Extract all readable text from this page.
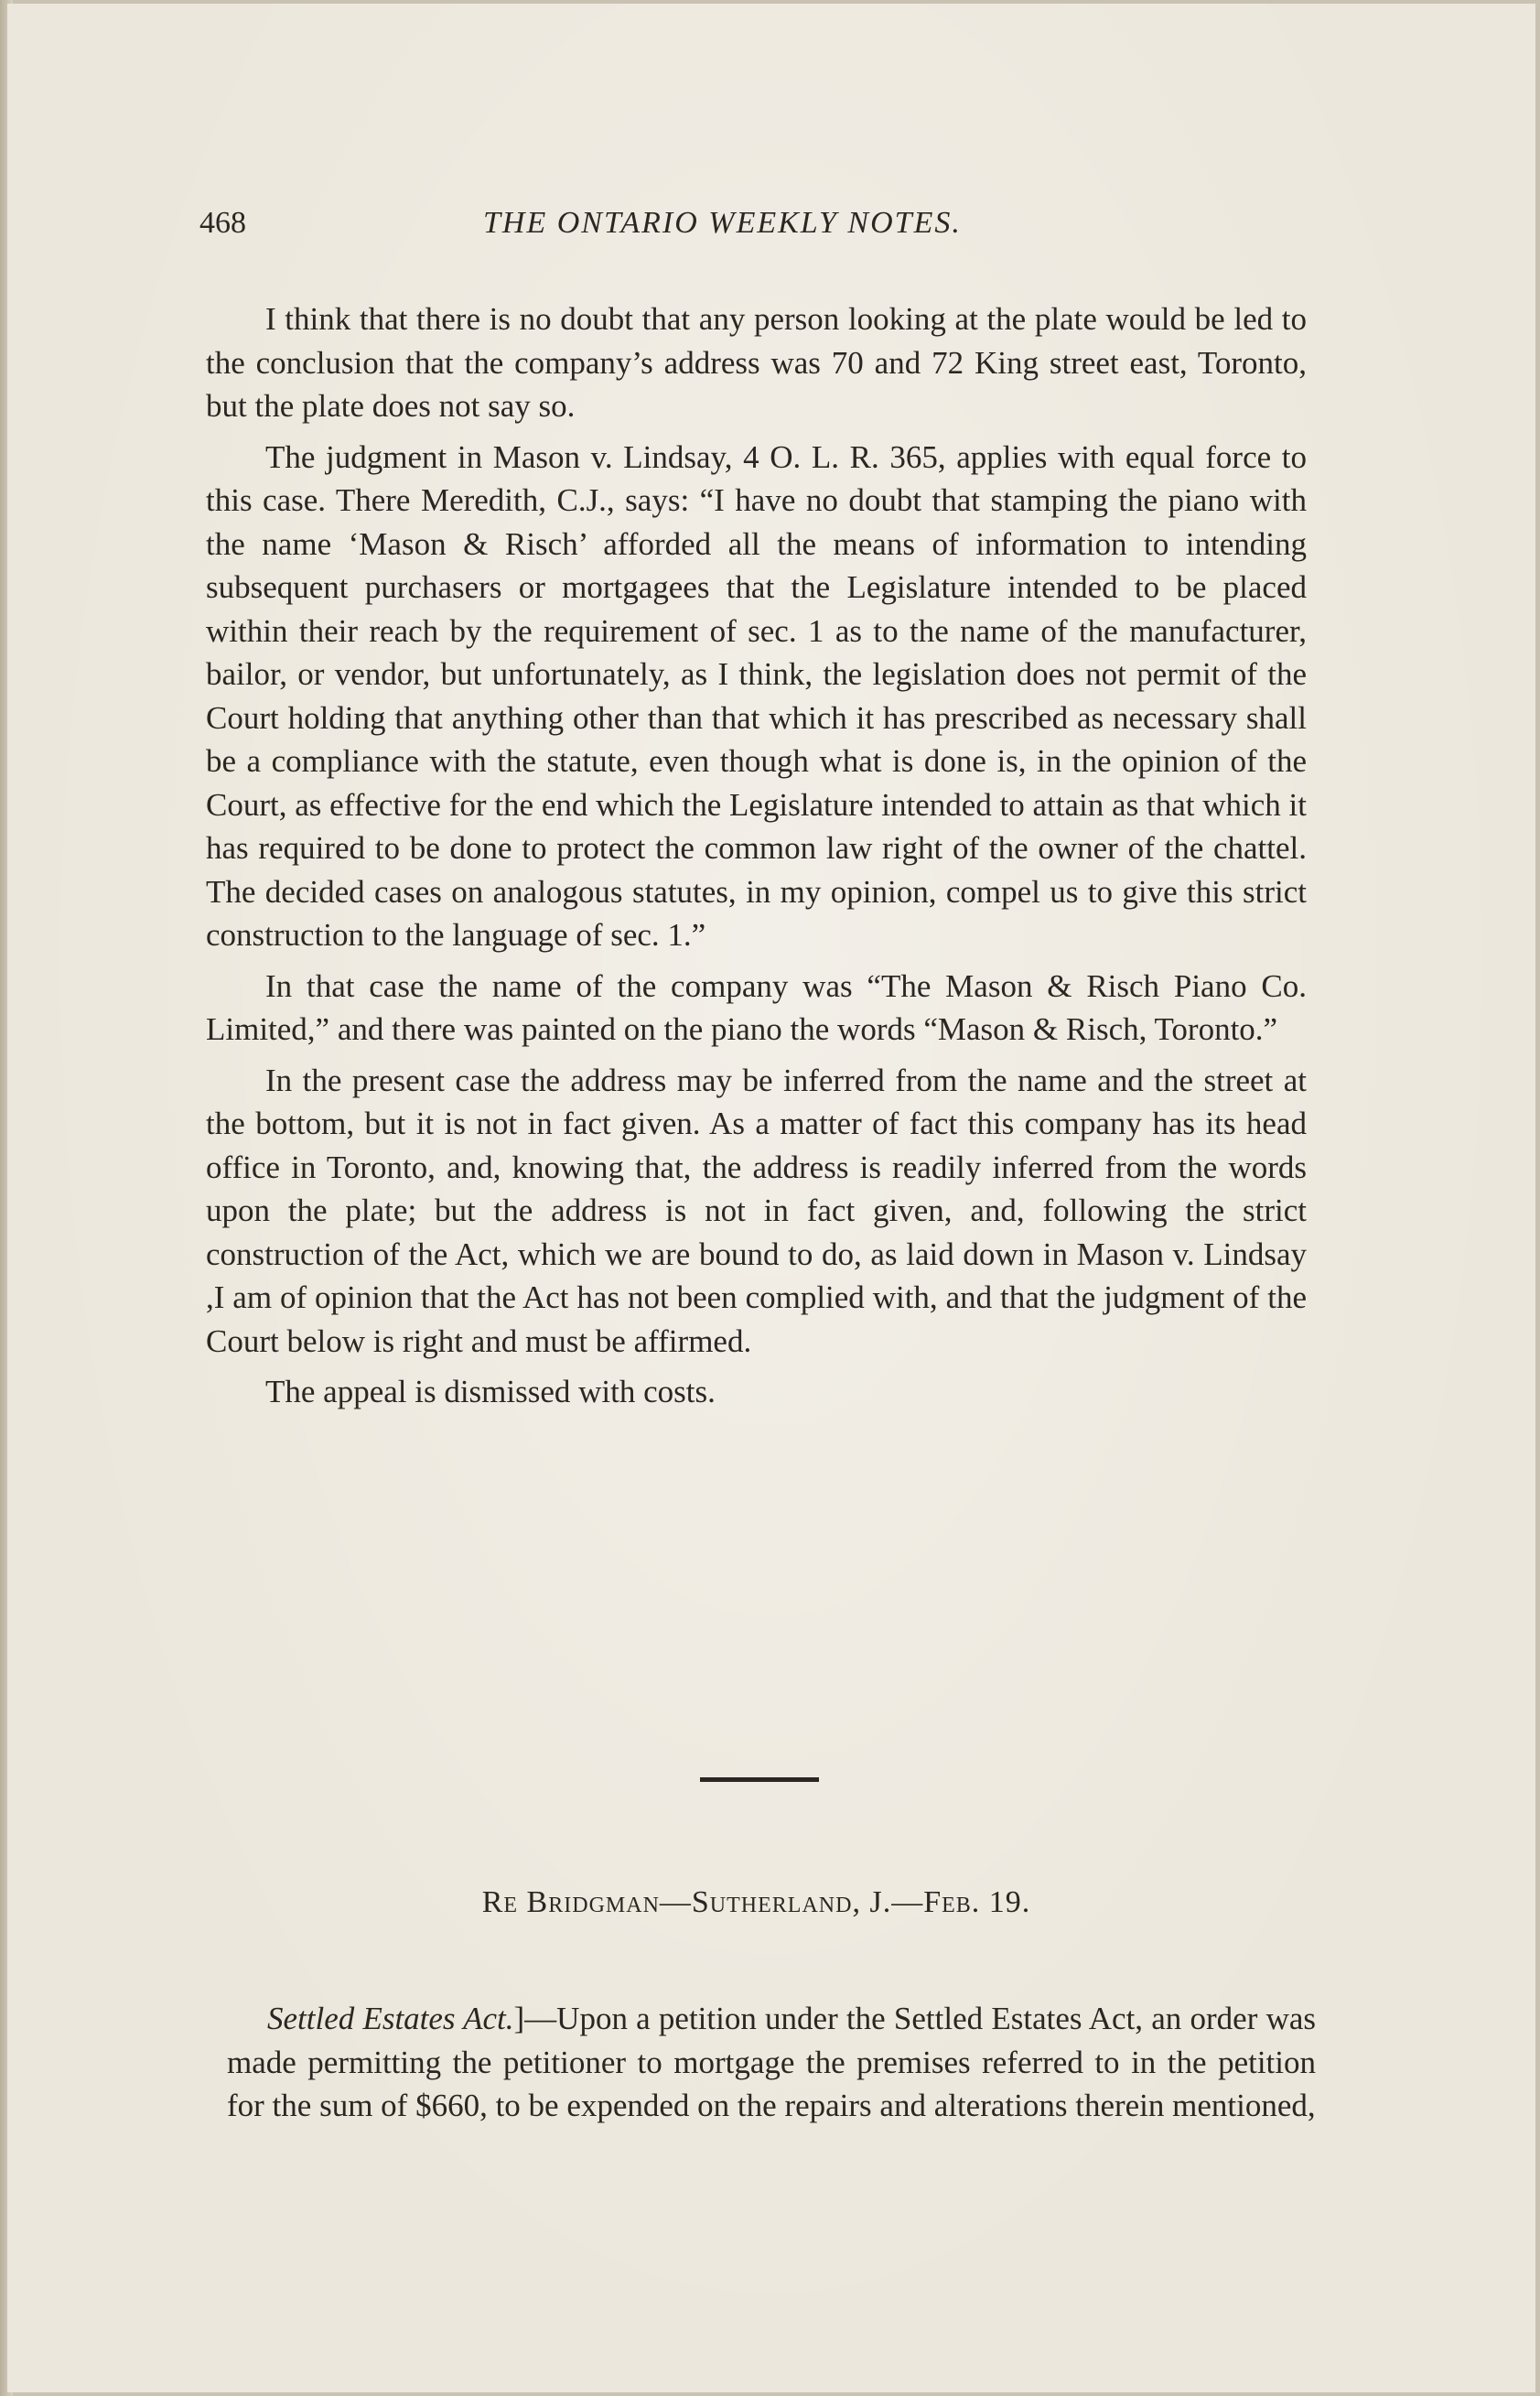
468	THE ONTARIO WEEKLY NOTES.

I think that there is no doubt that any person looking at the plate would be led to the conclusion that the company’s address was 70 and 72 King street east, Toronto, but the plate does not say so.

The judgment in Mason v. Lindsay, 4 O. L. R. 365, applies with equal force to this case. There Meredith, C.J., says: “I have no doubt that stamping the piano with the name ‘Mason & Risch’ afforded all the means of information to intending subsequent purchasers or mortgagees that the Legislature intended to be placed within their reach by the requirement of sec. 1 as to the name of the manufacturer, bailor, or vendor, but unfortunately, as I think, the legislation does not permit of the Court holding that anything other than that which it has prescribed as necessary shall be a compliance with the statute, even though what is done is, in the opinion of the Court, as effective for the end which the Legislature intended to attain as that which it has required to be done to protect the common law right of the owner of the chattel. The decided cases on analogous statutes, in my opinion, compel us to give this strict construction to the language of sec. 1.”

In that case the name of the company was “The Mason & Risch Piano Co. Limited,” and there was painted on the piano the words “Mason & Risch, Toronto.”

In the present case the address may be inferred from the name and the street at the bottom, but it is not in fact given. As a matter of fact this company has its head office in Toronto, and, knowing that, the address is readily inferred from the words upon the plate; but the address is not in fact given, and, following the strict construction of the Act, which we are bound to do, as laid down in Mason v. Lindsay ,I am of opinion that the Act has not been complied with, and that the judgment of the Court below is right and must be affirmed.

The appeal is dismissed with costs.

Re Bridgman—Sutherland, J.—Feb. 19.

Settled Estates Act.]—Upon a petition under the Settled Estates Act, an order was made permitting the petitioner to mortgage the premises referred to in the petition for the sum of $660, to be expended on the repairs and alterations therein mentioned,
